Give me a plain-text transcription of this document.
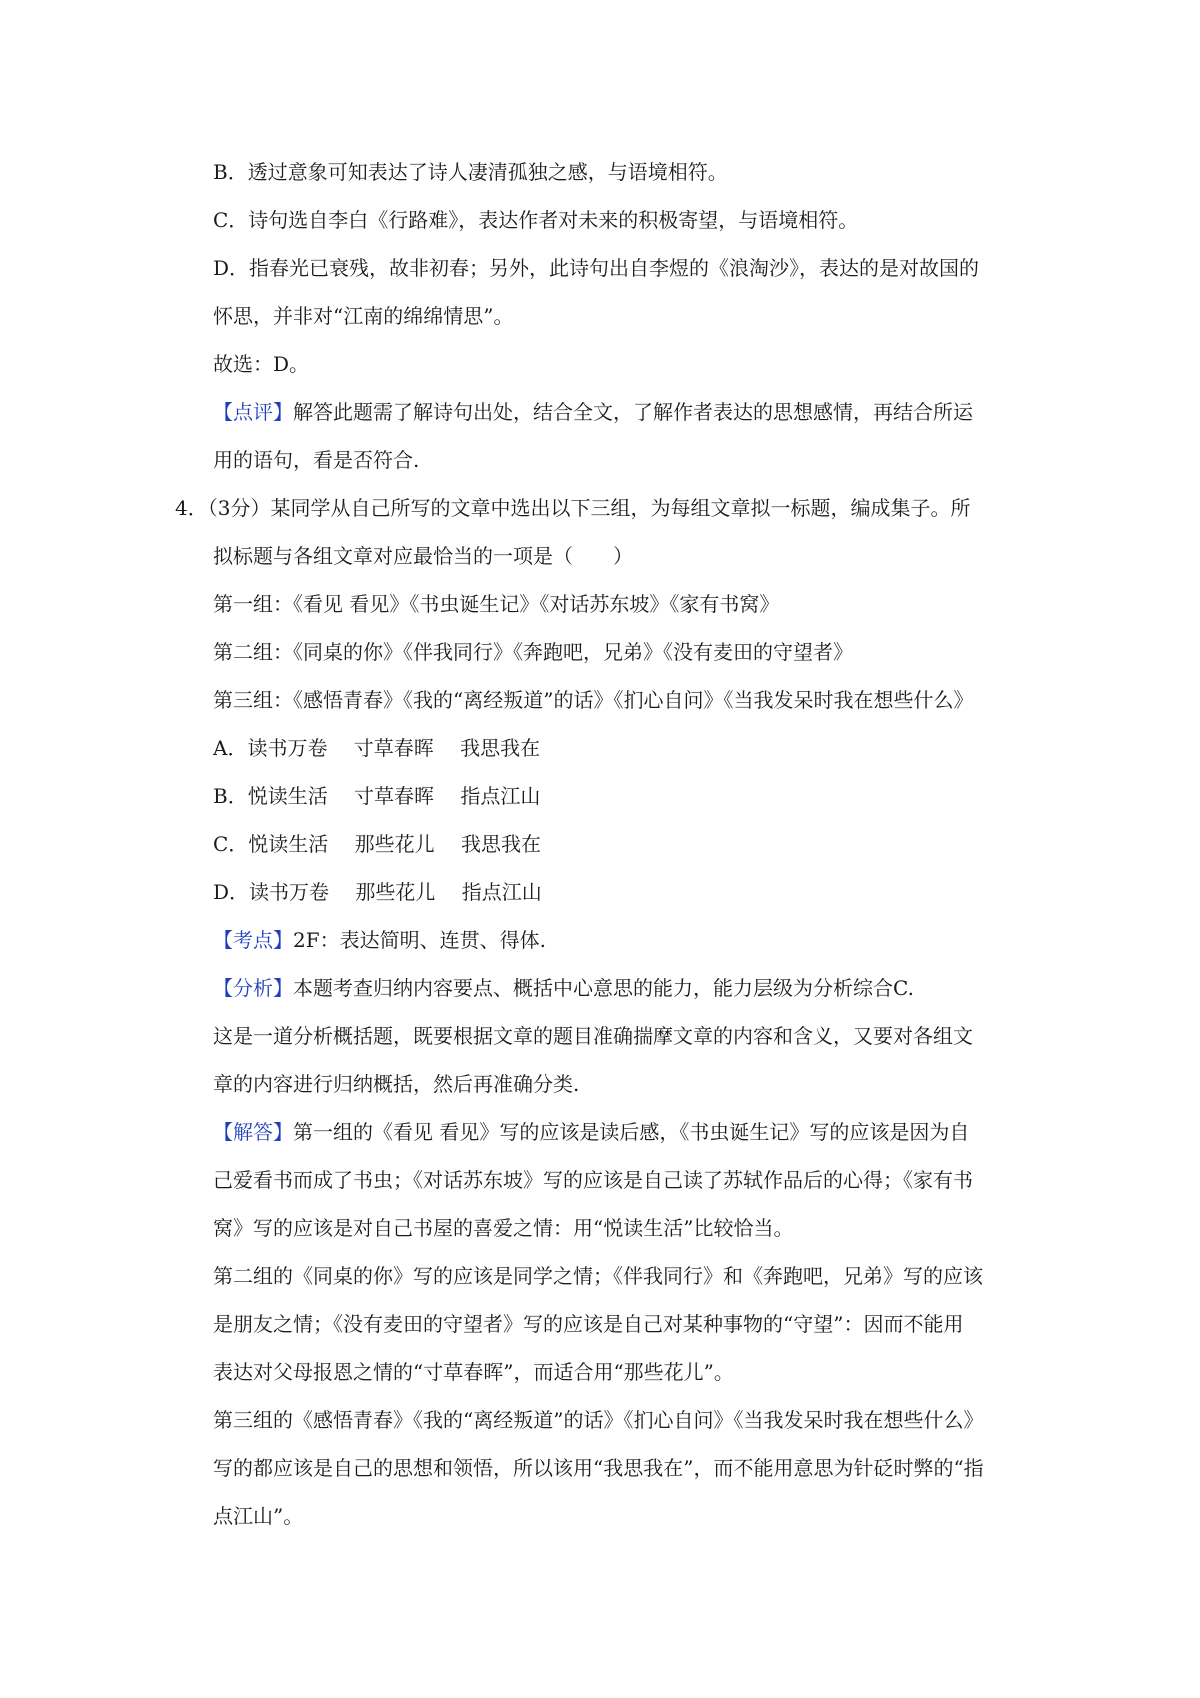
B．透过意象可知表达了诗人凄清孤独之感，与语境相符。
C．诗句选自李白《行路难》，表达作者对未来的积极寄望，与语境相符。
D．指春光已衰残，故非初春；另外，此诗句出自李煜的《浪淘沙》，表达的是对故国的
怀思，并非对“江南的绵绵情思”。
故选：D。
【点评】解答此题需了解诗句出处，结合全文，了解作者表达的思想感情，再结合所运
用的语句，看是否符合.
4．（3分）某同学从自己所写的文章中选出以下三组，为每组文章拟一标题，编成集子。所
拟标题与各组文章对应最恰当的一项是（　　）
第一组：《看见 看见》《书虫诞生记》《对话苏东坡》《家有书窝》
第二组：《同桌的你》《伴我同行》《奔跑吧，兄弟》《没有麦田的守望者》
第三组：《感悟青春》《我的“离经叛道”的话》《扪心自问》《当我发呆时我在想些什么》
A．读书万卷　 寸草春晖　 我思我在
B．悦读生活　 寸草春晖　 指点江山
C．悦读生活　 那些花儿　 我思我在
D．读书万卷　 那些花儿　 指点江山
【考点】2F：表达简明、连贯、得体.
【分析】本题考查归纳内容要点、概括中心意思的能力，能力层级为分析综合C.
这是一道分析概括题，既要根据文章的题目准确揣摩文章的内容和含义，又要对各组文
章的内容进行归纳概括，然后再准确分类.
【解答】第一组的《看见 看见》写的应该是读后感，《书虫诞生记》写的应该是因为自
己爱看书而成了书虫；《对话苏东坡》写的应该是自己读了苏轼作品后的心得；《家有书
窝》写的应该是对自己书屋的喜爱之情：用“悦读生活”比较恰当。
第二组的《同桌的你》写的应该是同学之情；《伴我同行》和《奔跑吧，兄弟》写的应该
是朋友之情；《没有麦田的守望者》写的应该是自己对某种事物的“守望”：因而不能用
表达对父母报恩之情的“寸草春晖”，而适合用“那些花儿”。
第三组的《感悟青春》《我的“离经叛道”的话》《扪心自问》《当我发呆时我在想些什么》
写的都应该是自己的思想和领悟，所以该用“我思我在”，而不能用意思为针砭时弊的“指
点江山”。
